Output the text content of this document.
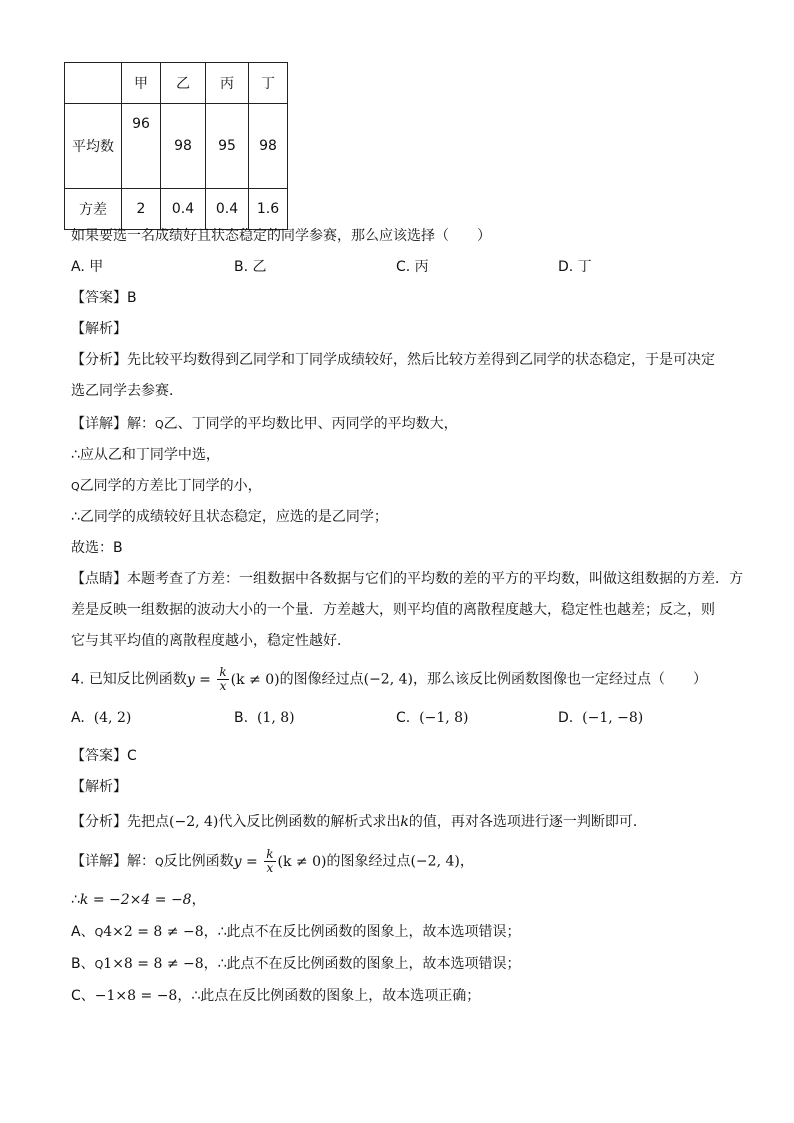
	甲	乙	丙	丁
平均数	96	98	95	98
方差	2	0.4	0.4	1.6
如果要选一名成绩好且状态稳定的同学参赛，那么应该选择（　　）
A. 甲	B. 乙	C. 丙	D. 丁
【答案】B
【解析】
【分析】先比较平均数得到乙同学和丁同学成绩较好，然后比较方差得到乙同学的状态稳定，于是可决定
选乙同学去参赛．
【详解】解：Q乙、丁同学的平均数比甲、丙同学的平均数大，
∴应从乙和丁同学中选，
Q乙同学的方差比丁同学的小，
∴乙同学的成绩较好且状态稳定，应选的是乙同学；
故选：B
【点睛】本题考查了方差：一组数据中各数据与它们的平均数的差的平方的平均数，叫做这组数据的方差．方
差是反映一组数据的波动大小的一个量．方差越大，则平均值的离散程度越大，稳定性也越差；反之，则
它与其平均值的离散程度越小，稳定性越好．
4. 已知反比例函数$y = \frac{k}{x} (k \ne 0)$的图像经过点(−2, 4)，那么该反比例函数图像也一定经过点（　　）
A. (4, 2)	B. (1, 8)	C. (−1, 8)	D. (−1, −8)
【答案】C
【解析】
【分析】先把点(−2, 4)代入反比例函数的解析式求出k的值，再对各选项进行逐一判断即可．
【详解】解：Q反比例函数$y = \frac{k}{x} (k \ne 0)$的图象经过点(−2, 4)，
∴k = −2×4 = −8，
A、Q4×2 = 8 ≠ −8，∴此点不在反比例函数的图象上，故本选项错误；
B、Q1×8 = 8 ≠ −8，∴此点不在反比例函数的图象上，故本选项错误；
C、−1×8 = −8，∴此点在反比例函数的图象上，故本选项正确；
